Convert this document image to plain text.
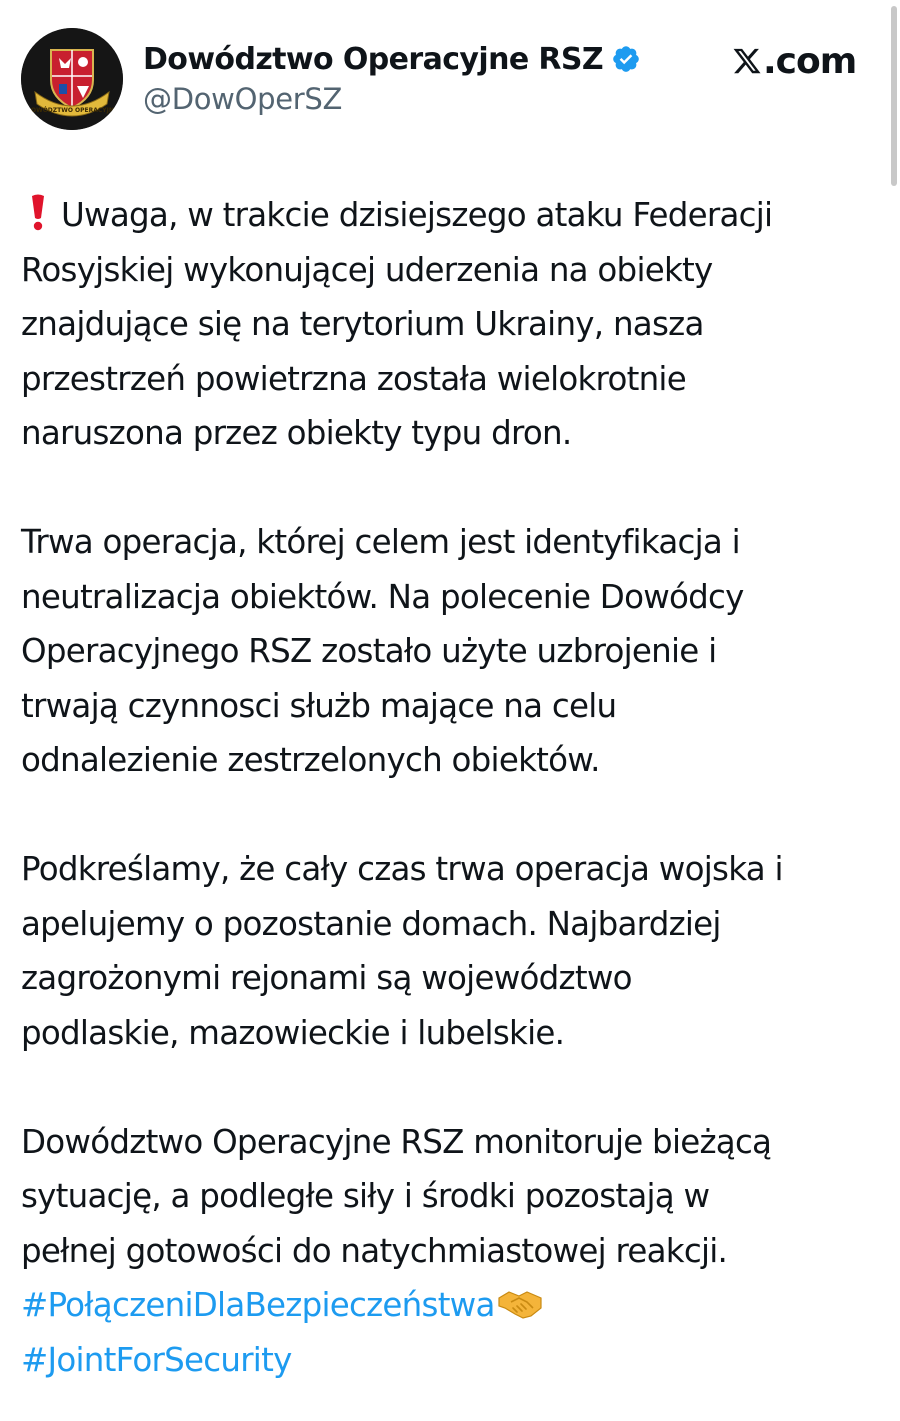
DOWÓDZTWO OPERACYJNE
Dowództwo Operacyjne RSZ
@DowOperSZ
.com

Uwaga, w trakcie dzisiejszego ataku Federacji
Rosyjskiej wykonującej uderzenia na obiekty
znajdujące się na terytorium Ukrainy, nasza
przestrzeń powietrzna została wielokrotnie
naruszona przez obiekty typu dron.

Trwa operacja, której celem jest identyfikacja i
neutralizacja obiektów. Na polecenie Dowódcy
Operacyjnego RSZ zostało użyte uzbrojenie i
trwają czynnosci służb mające na celu
odnalezienie zestrzelonych obiektów.

Podkreślamy, że cały czas trwa operacja wojska i
apelujemy o pozostanie domach. Najbardziej
zagrożonymi rejonami są województwo
podlaskie, mazowieckie i lubelskie.

Dowództwo Operacyjne RSZ monitoruje bieżącą
sytuację, a podległe siły i środki pozostają w
pełnej gotowości do natychmiastowej reakcji.
#PołączeniDlaBezpieczeństwa
#JointForSecurity
